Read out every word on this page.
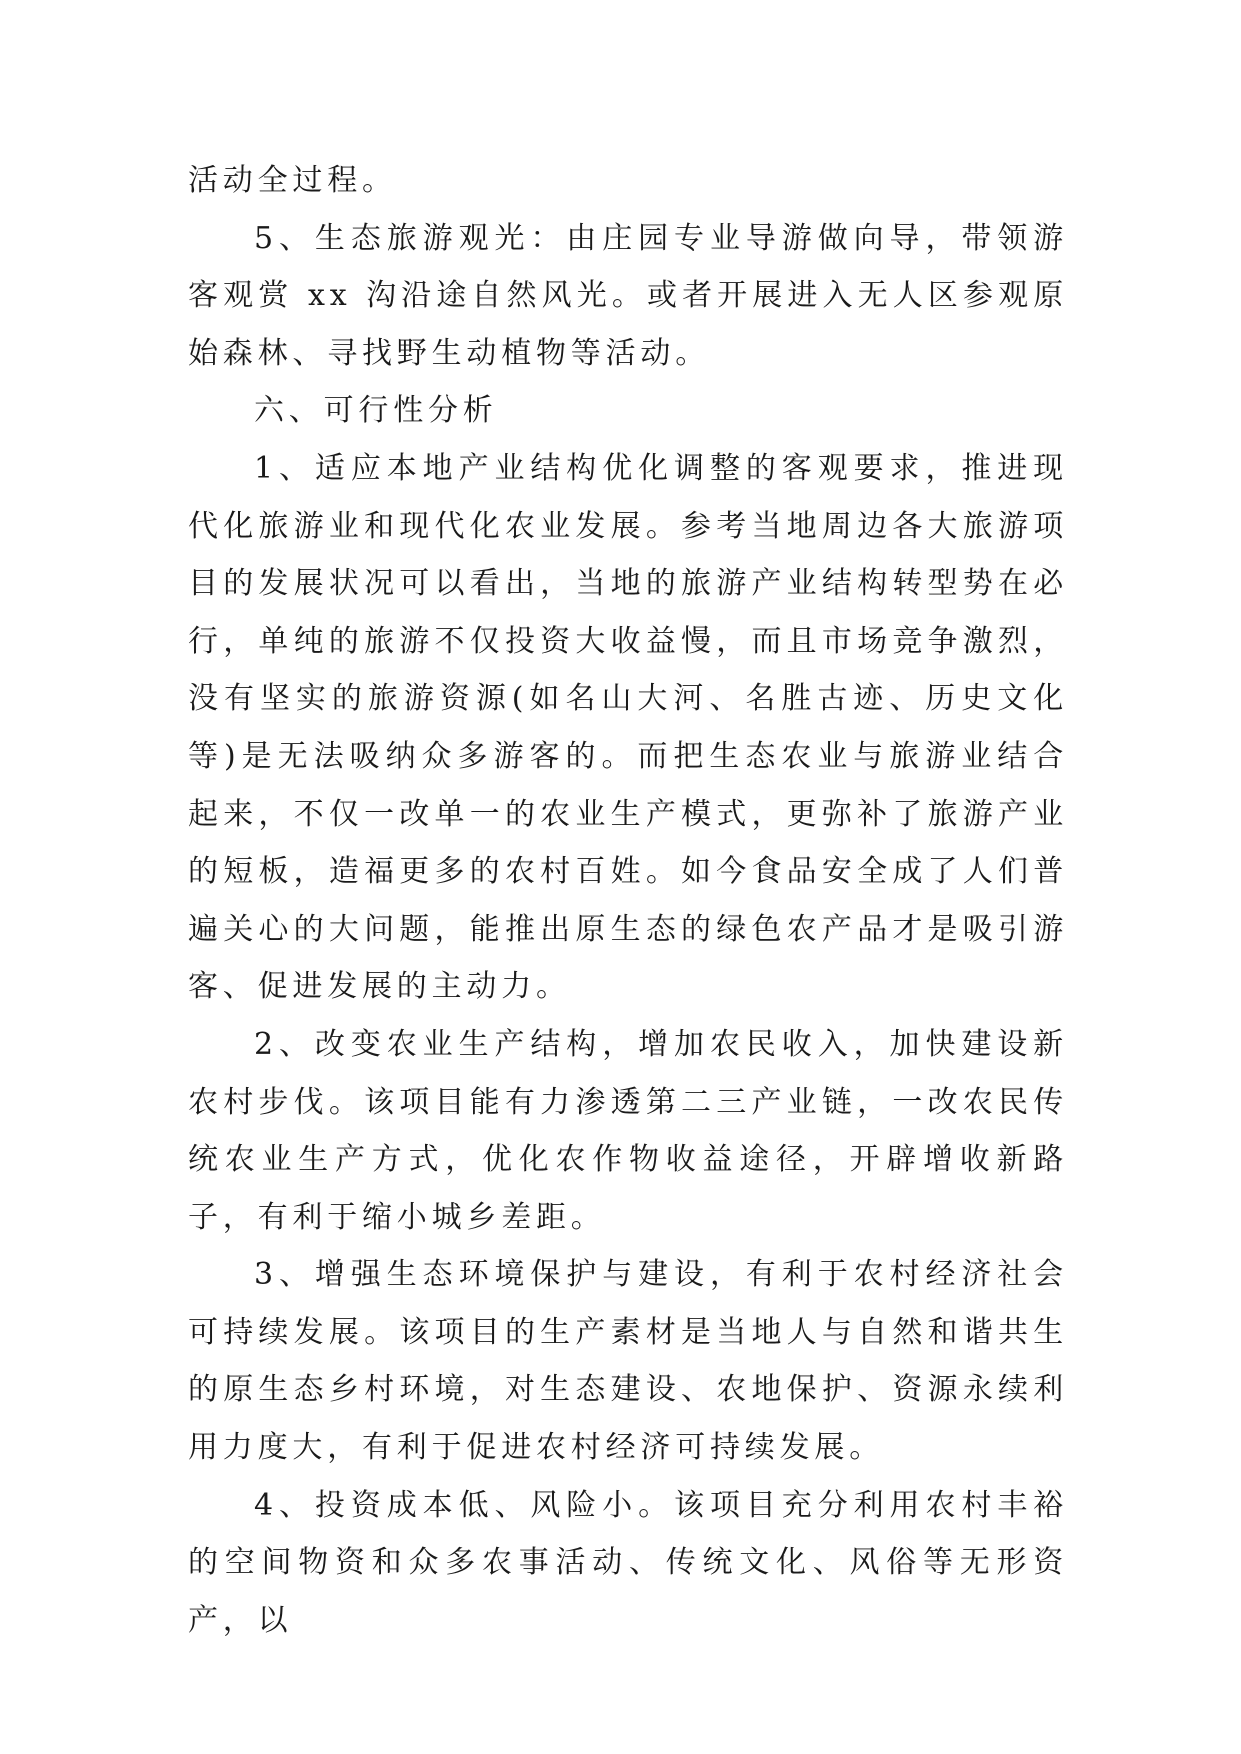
活动全过程。

5、生态旅游观光：由庄园专业导游做向导，带领游客观赏 xx 沟沿途自然风光。或者开展进入无人区参观原始森林、寻找野生动植物等活动。

六、可行性分析

1、适应本地产业结构优化调整的客观要求，推进现代化旅游业和现代化农业发展。参考当地周边各大旅游项目的发展状况可以看出，当地的旅游产业结构转型势在必行，单纯的旅游不仅投资大收益慢，而且市场竞争激烈，没有坚实的旅游资源(如名山大河、名胜古迹、历史文化等)是无法吸纳众多游客的。而把生态农业与旅游业结合起来，不仅一改单一的农业生产模式，更弥补了旅游产业的短板，造福更多的农村百姓。如今食品安全成了人们普遍关心的大问题，能推出原生态的绿色农产品才是吸引游客、促进发展的主动力。

2、改变农业生产结构，增加农民收入，加快建设新农村步伐。该项目能有力渗透第二三产业链，一改农民传统农业生产方式，优化农作物收益途径，开辟增收新路子，有利于缩小城乡差距。

3、增强生态环境保护与建设，有利于农村经济社会可持续发展。该项目的生产素材是当地人与自然和谐共生的原生态乡村环境，对生态建设、农地保护、资源永续利用力度大，有利于促进农村经济可持续发展。

4、投资成本低、风险小。该项目充分利用农村丰裕的空间物资和众多农事活动、传统文化、风俗等无形资产，以
